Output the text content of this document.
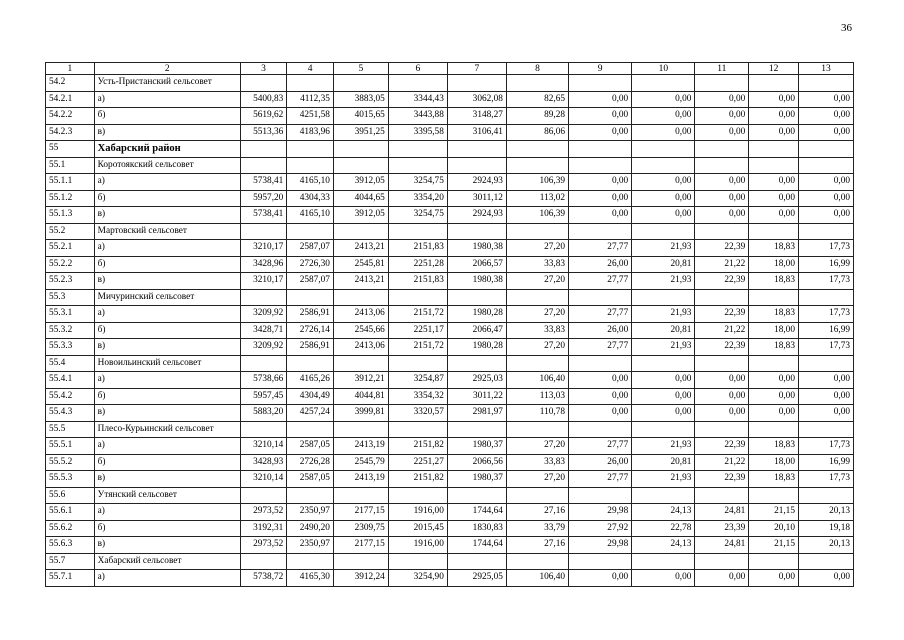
36
1	2	3	4	5	6	7	8	9	10	11	12	13
54.2	Усть-Пристанский сельсовет											
54.2.1	а)	5400,83	4112,35	3883,05	3344,43	3062,08	82,65	0,00	0,00	0,00	0,00	0,00
54.2.2	б)	5619,62	4251,58	4015,65	3443,88	3148,27	89,28	0,00	0,00	0,00	0,00	0,00
54.2.3	в)	5513,36	4183,96	3951,25	3395,58	3106,41	86,06	0,00	0,00	0,00	0,00	0,00
55	Хабарский район											
55.1	Коротоякский сельсовет											
55.1.1	а)	5738,41	4165,10	3912,05	3254,75	2924,93	106,39	0,00	0,00	0,00	0,00	0,00
55.1.2	б)	5957,20	4304,33	4044,65	3354,20	3011,12	113,02	0,00	0,00	0,00	0,00	0,00
55.1.3	в)	5738,41	4165,10	3912,05	3254,75	2924,93	106,39	0,00	0,00	0,00	0,00	0,00
55.2	Мартовский сельсовет											
55.2.1	а)	3210,17	2587,07	2413,21	2151,83	1980,38	27,20	27,77	21,93	22,39	18,83	17,73
55.2.2	б)	3428,96	2726,30	2545,81	2251,28	2066,57	33,83	26,00	20,81	21,22	18,00	16,99
55.2.3	в)	3210,17	2587,07	2413,21	2151,83	1980,38	27,20	27,77	21,93	22,39	18,83	17,73
55.3	Мичуринский сельсовет											
55.3.1	а)	3209,92	2586,91	2413,06	2151,72	1980,28	27,20	27,77	21,93	22,39	18,83	17,73
55.3.2	б)	3428,71	2726,14	2545,66	2251,17	2066,47	33,83	26,00	20,81	21,22	18,00	16,99
55.3.3	в)	3209,92	2586,91	2413,06	2151,72	1980,28	27,20	27,77	21,93	22,39	18,83	17,73
55.4	Новоильинский сельсовет											
55.4.1	а)	5738,66	4165,26	3912,21	3254,87	2925,03	106,40	0,00	0,00	0,00	0,00	0,00
55.4.2	б)	5957,45	4304,49	4044,81	3354,32	3011,22	113,03	0,00	0,00	0,00	0,00	0,00
55.4.3	в)	5883,20	4257,24	3999,81	3320,57	2981,97	110,78	0,00	0,00	0,00	0,00	0,00
55.5	Плесо-Курьинский сельсовет											
55.5.1	а)	3210,14	2587,05	2413,19	2151,82	1980,37	27,20	27,77	21,93	22,39	18,83	17,73
55.5.2	б)	3428,93	2726,28	2545,79	2251,27	2066,56	33,83	26,00	20,81	21,22	18,00	16,99
55.5.3	в)	3210,14	2587,05	2413,19	2151,82	1980,37	27,20	27,77	21,93	22,39	18,83	17,73
55.6	Утянский сельсовет											
55.6.1	а)	2973,52	2350,97	2177,15	1916,00	1744,64	27,16	29,98	24,13	24,81	21,15	20,13
55.6.2	б)	3192,31	2490,20	2309,75	2015,45	1830,83	33,79	27,92	22,78	23,39	20,10	19,18
55.6.3	в)	2973,52	2350,97	2177,15	1916,00	1744,64	27,16	29,98	24,13	24,81	21,15	20,13
55.7	Хабарский сельсовет											
55.7.1	а)	5738,72	4165,30	3912,24	3254,90	2925,05	106,40	0,00	0,00	0,00	0,00	0,00
